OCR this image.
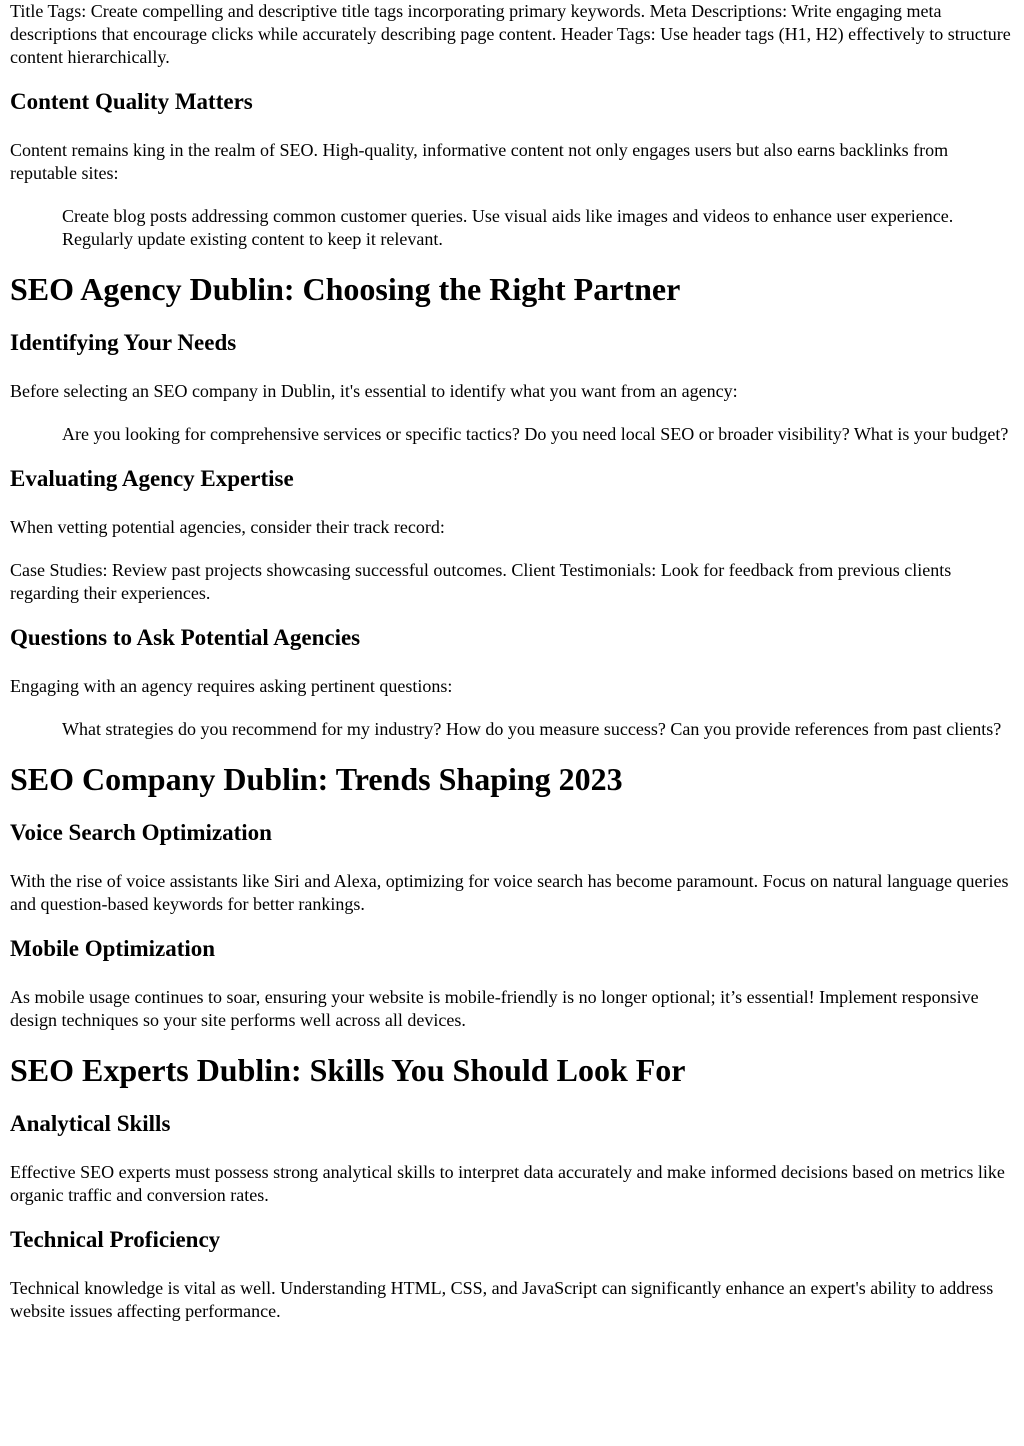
Title Tags: Create compelling and descriptive title tags incorporating primary keywords. Meta Descriptions: Write engaging meta descriptions that encourage clicks while accurately describing page content. Header Tags: Use header tags (H1, H2) effectively to structure content hierarchically.

Content Quality Matters

Content remains king in the realm of SEO. High-quality, informative content not only engages users but also earns backlinks from reputable sites:

Create blog posts addressing common customer queries. Use visual aids like images and videos to enhance user experience. Regularly update existing content to keep it relevant.
SEO Agency Dublin: Choosing the Right Partner
Identifying Your Needs

Before selecting an SEO company in Dublin, it's essential to identify what you want from an agency:

Are you looking for comprehensive services or specific tactics? Do you need local SEO or broader visibility? What is your budget?
Evaluating Agency Expertise

When vetting potential agencies, consider their track record:

Case Studies: Review past projects showcasing successful outcomes. Client Testimonials: Look for feedback from previous clients regarding their experiences.

Questions to Ask Potential Agencies

Engaging with an agency requires asking pertinent questions:

What strategies do you recommend for my industry? How do you measure success? Can you provide references from past clients?
SEO Company Dublin: Trends Shaping 2023
Voice Search Optimization

With the rise of voice assistants like Siri and Alexa, optimizing for voice search has become paramount. Focus on natural language queries and question-based keywords for better rankings.

Mobile Optimization

As mobile usage continues to soar, ensuring your website is mobile-friendly is no longer optional; it’s essential! Implement responsive design techniques so your site performs well across all devices.

SEO Experts Dublin: Skills You Should Look For
Analytical Skills

Effective SEO experts must possess strong analytical skills to interpret data accurately and make informed decisions based on metrics like organic traffic and conversion rates.

Technical Proficiency

Technical knowledge is vital as well. Understanding HTML, CSS, and JavaScript can significantly enhance an expert's ability to address website issues affecting performance.
